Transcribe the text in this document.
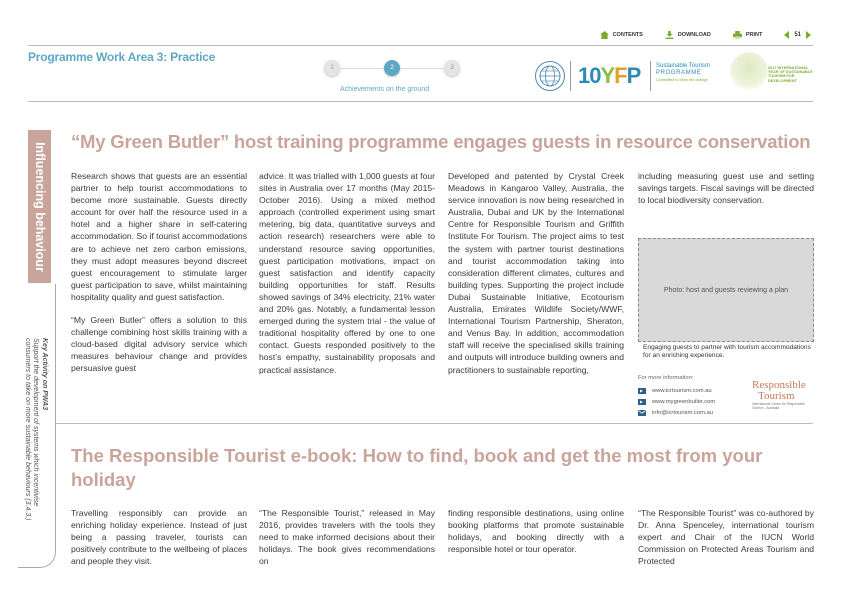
CONTENTS	DOWNLOAD	PRINT	51
Programme Work Area 3: Practice
1	2	3
Achievements on the ground
10YFP	Sustainable Tourism
PROGRAMME
Committed to drive the change
2017 INTERNATIONAL YEAR OF SUSTAINABLE TOURISM FOR DEVELOPMENT
Influencing behaviour
Key Activity on PWA3
Support the development of systems which incentivise
consumers to take on more sustainable behaviours (3.4.3.)
“My Green Butler” host training programme engages guests in resource conservation

Research shows that guests are an essential partner to help tourist accommodations to become more sustainable. Guests directly account for over half the resource used in a hotel and a higher share in self-catering accommodation. So if tourist accommodations are to achieve net zero carbon emissions, they must adopt measures beyond discreet guest encouragement to stimulate larger guest participation to save, whilst maintaining hospitality quality and guest satisfaction.

“My Green Butler” offers a solution to this challenge combining host skills training with a cloud-based digital advisory service which measures behaviour change and provides persuasive guest

advice. It was trialled with 1,000 guests at four sites in Australia over 17 months (May 2015-October 2016). Using a mixed method approach (controlled experiment using smart metering, big data, quantitative surveys and action research) researchers were able to understand resource saving opportunities, guest participation motivations, impact on guest satisfaction and identify capacity building opportunities for staff. Results showed savings of 34% electricity, 21% water and 20% gas. Notably, a fundamental lesson emerged during the system trial - the value of traditional hospitality offered by one to one contact. Guests responded positively to the host’s empathy, sustainability proposals and practical assistance.

Developed and patented by Crystal Creek Meadows in Kangaroo Valley, Australia, the service innovation is now being researched in Australia, Dubai and UK by the International Centre for Responsible Tourism and Griffith Institute For Tourism. The project aims to test the system with partner tourist destinations and tourist accommodation taking into consideration different climates, cultures and building types. Supporting the project include Dubai Sustainable Initiative, Ecotourism Australia, Emirates Wildlife Society/WWF, International Tourism Partnership, Sheraton, and Venus Bay. In addition, accommodation staff will receive the specialised skills training and outputs will introduce building owners and practitioners to sustainable reporting,

including measuring guest use and setting savings targets. Fiscal savings will be directed to local biodiversity conservation.

Photo: host and guests reviewing a plan
Engaging guests to partner with tourism accommodations for an enriching experience.
For more information:
www.icrtourism.com.au
www.mygreenbutler.com
info@icrtourism.com.au
Responsible
Tourism
International Centre for Responsible Tourism - Australia
The Responsible Tourist e-book: How to find, book and get the most from your holiday

Travelling responsibly can provide an enriching holiday experience. Instead of just being a passing traveler, tourists can positively contribute to the wellbeing of places and people they visit.

“The Responsible Tourist,” released in May 2016, provides travelers with the tools they need to make informed decisions about their holidays. The book gives recommendations on

finding responsible destinations, using online booking platforms that promote sustainable holidays, and booking directly with a responsible hotel or tour operator.

“The Responsible Tourist” was co-authored by Dr. Anna Spenceley, international tourism expert and Chair of the IUCN World Commission on Protected Areas Tourism and Protected
